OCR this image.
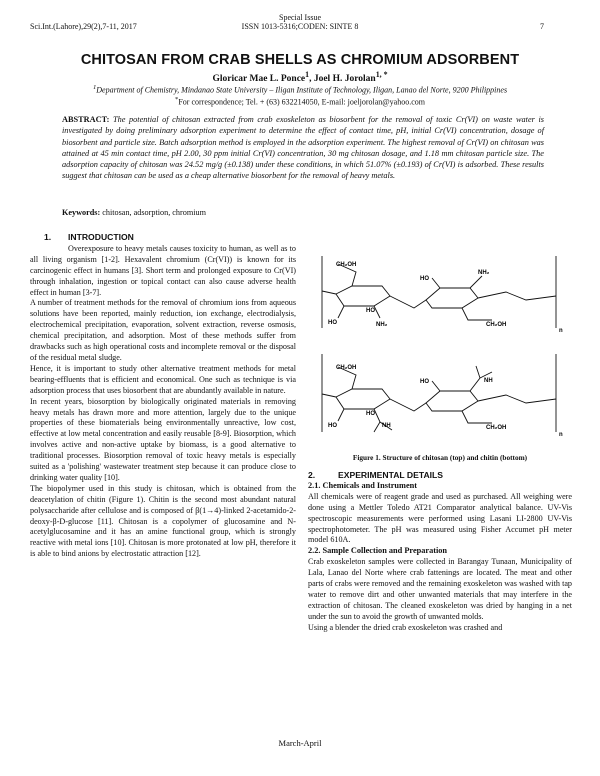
Special Issue
Sci.Int.(Lahore),29(2),7-11, 2017	ISSN 1013-5316;CODEN: SINTE 8	7
CHITOSAN FROM CRAB SHELLS AS CHROMIUM ADSORBENT
Gloricar Mae L. Ponce$^1$, Joel H. Jorolan$^{1, *}$
$^1$Department of Chemistry, Mindanao State University – Iligan Institute of Technology, Iligan, Lanao del Norte, 9200 Philippines
*For correspondence; Tel. + (63) 632214050, E-mail: joeljorolan@yahoo.com
ABSTRACT: The potential of chitosan extracted from crab exoskeleton as biosorbent for the removal of toxic Cr(VI) on waste water is investigated by doing preliminary adsorption experiment to determine the effect of contact time, pH, initial Cr(VI) concentration, dosage of biosorbent and particle size. Batch adsorption method is employed in the adsorption experiment. The highest removal of Cr(VI) on chitosan was attained at 45 min contact time, pH 2.00, 30 ppm initial Cr(VI) concentration, 30 mg chitosan dosage, and 1.18 mm chitosan particle size. The adsorption capacity of chitosan was 24.52 mg/g (±0.138) under these conditions, in which 51.07% (±0.193) of Cr(VI) is adsorbed. These results suggest that chitosan can be used as a cheap alternative biosorbent for the removal of heavy metals.
Keywords: chitosan, adsorption, chromium
1. INTRODUCTION

Overexposure to heavy metals causes toxicity to human, as well as to all living organism [1-2]. Hexavalent chromium (Cr(VI)) is known for its carcinogenic effect in humans [3]. Short term and prolonged exposure to Cr(VI) through inhalation, ingestion or topical contact can also cause adverse health effect in human [3-7].

A number of treatment methods for the removal of chromium ions from aqueous solutions have been reported, mainly reduction, ion exchange, electrodialysis, electrochemical precipitation, evaporation, solvent extraction, reverse osmosis, chemical precipitation, and adsorption. Most of these methods suffer from drawbacks such as high operational costs and incomplete removal or the disposal of the residual metal sludge.

Hence, it is important to study other alternative treatment methods for metal bearing-effluents that is efficient and economical. One such as technique is via adsorption process that uses biosorbent that are abundantly available in nature.

In recent years, biosorption by biologically originated materials in removing heavy metals has drawn more and more attention, largely due to the unique properties of these biomaterials being environmentally unreactive, low cost, effective at low metal concentration and easily reusable [8-9]. Biosorption, which involves active and non-active uptake by biomass, is a good alternative to traditional processes. Biosorption removal of toxic heavy metals is especially suited as a 'polishing' wastewater treatment step because it can produce close to drinking water quality [10].

The biopolymer used in this study is chitosan, which is obtained from the deacetylation of chitin (Figure 1). Chitin is the second most abundant natural polysaccharide after cellulose and is composed of β(1→4)-linked 2-acetamido-2-deoxy-β-D-glucose [11]. Chitosan is a copolymer of glucosamine and N-acetylglucosamine and it has an amine functional group, which is strongly reactive with metal ions [10]. Chitosan is more protonated at low pH, therefore it is able to bind anions by electrostatic attraction [12].

CH₂OH
HO
HO
NH₂
HO
NH₂
CH₂OH
n
CH₂OH
HO
HO
NH
HO	NH
CH₂OH
n
Figure 1. Structure of chitosan (top) and chitin (bottom)
2.	EXPERIMENTAL DETAILS
2.1. Chemicals and Instrument

All chemicals were of reagent grade and used as purchased. All weighing were done using a Mettler Toledo AT21 Comparator analytical balance. UV-Vis spectroscopic measurements were performed using Lasani LI-2800 UV-Vis spectrophotometer. The pH was measured using Fisher Accumet pH meter model 610A.

2.2. Sample Collection and Preparation

Crab exoskeleton samples were collected in Barangay Tunaan, Municipality of Lala, Lanao del Norte where crab fattenings are located. The meat and other parts of crabs were removed and the remaining exoskeleton was washed with tap water to remove dirt and other unwanted materials that may interfere in the extraction of chitosan. The cleaned exoskeleton was dried by hanging in a net under the sun to avoid the growth of unwanted molds.

Using a blender the dried crab exoskeleton was crashed and

March-April
